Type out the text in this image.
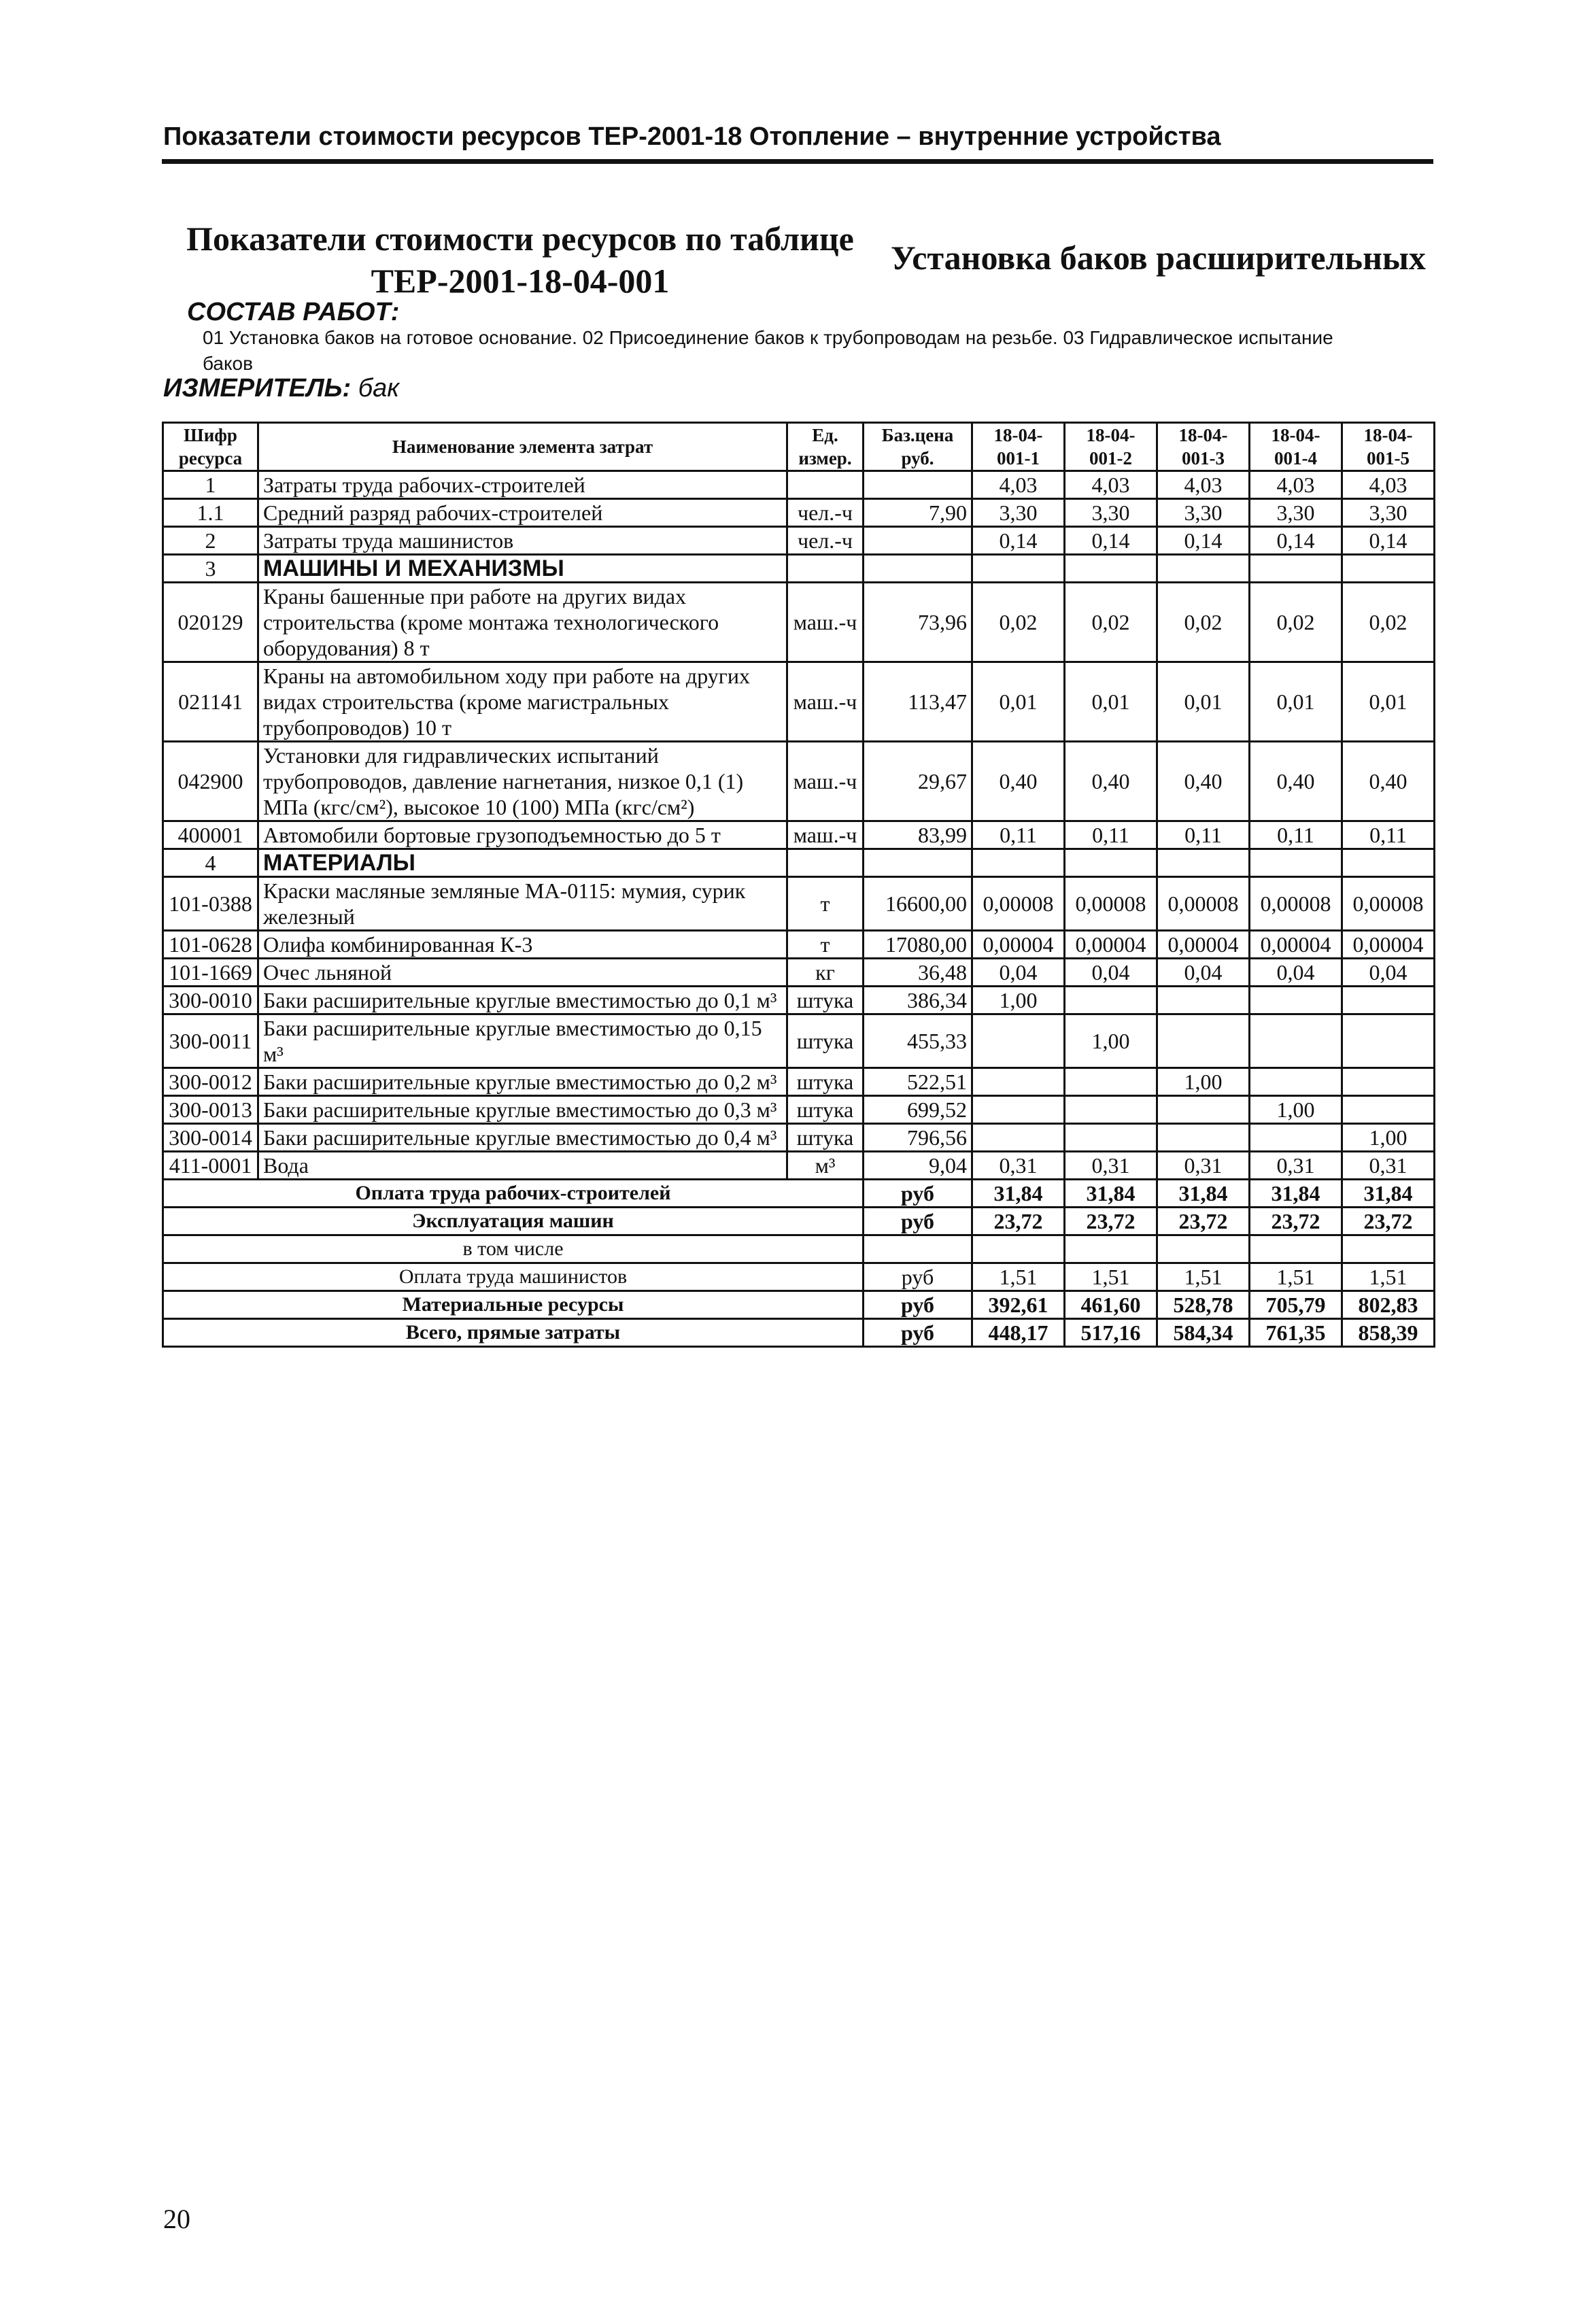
Показатели стоимости ресурсов ТЕР-2001-18 Отопление – внутренние устройства
Показатели стоимости ресурсов по таблице ТЕР-2001-18-04-001
Установка баков расширительных
СОСТАВ РАБОТ:
01 Установка баков на готовое основание. 02 Присоединение баков к трубопроводам на резьбе. 03 Гидравлическое испытание баков
ИЗМЕРИТЕЛЬ: бак
Шифр ресурса	Наименование элемента затрат	Ед. измер.	Баз.цена руб.	18-04-001-1	18-04-001-2	18-04-001-3	18-04-001-4	18-04-001-5
1	Затраты труда рабочих-строителей			4,03	4,03	4,03	4,03	4,03
1.1	Средний разряд рабочих-строителей	чел.-ч	7,90	3,30	3,30	3,30	3,30	3,30
2	Затраты труда машинистов	чел.-ч		0,14	0,14	0,14	0,14	0,14
3	МАШИНЫ И МЕХАНИЗМЫ							
020129	Краны башенные при работе на других видах строительства (кроме монтажа технологического оборудования) 8 т	маш.-ч	73,96	0,02	0,02	0,02	0,02	0,02
021141	Краны на автомобильном ходу при работе на других видах строительства (кроме магистральных трубопроводов) 10 т	маш.-ч	113,47	0,01	0,01	0,01	0,01	0,01
042900	Установки для гидравлических испытаний трубопроводов, давление нагнетания, низкое 0,1 (1) МПа (кгс/см²), высокое 10 (100) МПа (кгс/см²)	маш.-ч	29,67	0,40	0,40	0,40	0,40	0,40
400001	Автомобили бортовые грузоподъемностью до 5 т	маш.-ч	83,99	0,11	0,11	0,11	0,11	0,11
4	МАТЕРИАЛЫ							
101-0388	Краски масляные земляные МА-0115: мумия, сурик железный	т	16600,00	0,00008	0,00008	0,00008	0,00008	0,00008
101-0628	Олифа комбинированная К-3	т	17080,00	0,00004	0,00004	0,00004	0,00004	0,00004
101-1669	Очес льняной	кг	36,48	0,04	0,04	0,04	0,04	0,04
300-0010	Баки расширительные круглые вместимостью до 0,1 м³	штука	386,34	1,00				
300-0011	Баки расширительные круглые вместимостью до 0,15 м³	штука	455,33		1,00			
300-0012	Баки расширительные круглые вместимостью до 0,2 м³	штука	522,51			1,00		
300-0013	Баки расширительные круглые вместимостью до 0,3 м³	штука	699,52				1,00	
300-0014	Баки расширительные круглые вместимостью до 0,4 м³	штука	796,56					1,00
411-0001	Вода	м³	9,04	0,31	0,31	0,31	0,31	0,31
Оплата труда рабочих-строителей			руб	31,84	31,84	31,84	31,84	31,84
Эксплуатация машин			руб	23,72	23,72	23,72	23,72	23,72
в том числе								
Оплата труда машинистов			руб	1,51	1,51	1,51	1,51	1,51
Материальные ресурсы			руб	392,61	461,60	528,78	705,79	802,83
Всего, прямые затраты			руб	448,17	517,16	584,34	761,35	858,39
20
